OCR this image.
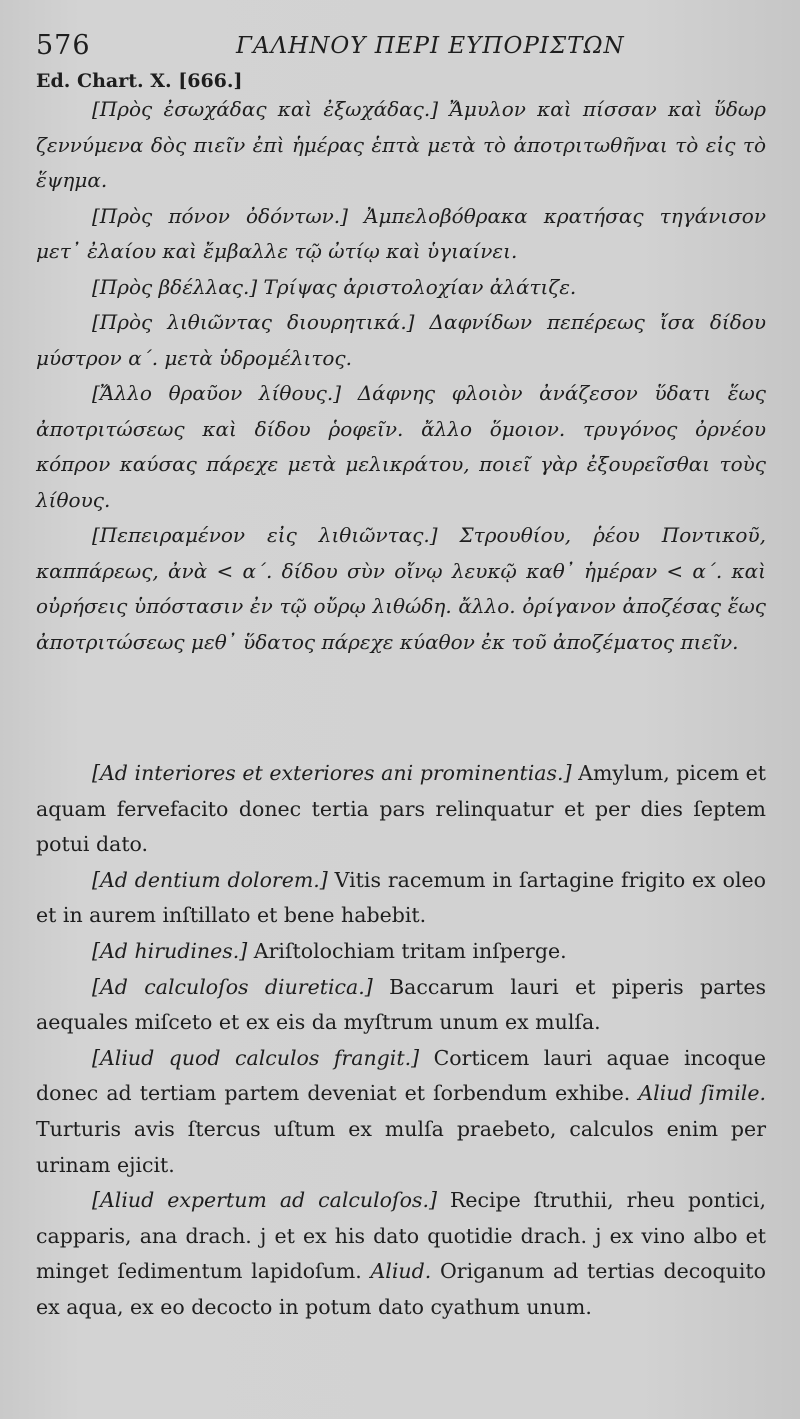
576	ΓΑΛΗΝΟΥ ΠΕΡΙ ΕΥΠΟΡΙΣΤΩΝ
Ed. Chart. X. [666.]

[Πρὸς ἐσωχάδας καὶ ἐξωχάδας.] Ἄμυλον καὶ πίσσαν καὶ ὕδωρ ζεννύμενα δὸς πιεῖν ἐπὶ ἡμέρας ἑπτὰ μετὰ τὸ ἀποτριτωθῆναι τὸ εἰς τὸ ἕψημα.

[Πρὸς πόνον ὀδόντων.] Ἀμπελοβόθρακα κρατήσας τηγάνισον μετ᾽ ἐλαίου καὶ ἔμβαλλε τῷ ὠτίῳ καὶ ὑγιαίνει.

[Πρὸς βδέλλας.] Τρίψας ἀριστολοχίαν ἀλάτιζε.

[Πρὸς λιθιῶντας διουρητικά.] Δαφνίδων πεπέρεως ἴσα δίδου μύστρον α΄. μετὰ ὑδρομέλιτος.

[Ἄλλο θραῦον λίθους.] Δάφνης φλοιὸν ἀνάζεσον ὕδατι ἕως ἀποτριτώσεως καὶ δίδου ῥοφεῖν. ἄλλο ὅμοιον. τρυγόνος ὀρνέου κόπρον καύσας πάρεχε μετὰ μελικράτου, ποιεῖ γὰρ ἐξουρεῖσθαι τοὺς λίθους.

[Πεπειραμένον εἰς λιθιῶντας.] Στρουθίου, ῥέου Ποντικοῦ, καππάρεως, ἀνὰ < α΄. δίδου σὺν οἴνῳ λευκῷ καθ᾽ ἡμέραν < α΄. καὶ οὐρήσεις ὑπόστασιν ἐν τῷ οὔρῳ λιθώδη. ἄλλο. ὀρίγανον ἀποζέσας ἕως ἀποτριτώσεως μεθ᾽ ὕδατος πάρεχε κύαθον ἐκ τοῦ ἀποζέματος πιεῖν.

[Ad interiores et exteriores ani prominentias.] Amylum, picem et aquam fervefacito donec tertia pars relinquatur et per dies ſeptem potui dato.

[Ad dentium dolorem.] Vitis racemum in ſartagine frigito ex oleo et in aurem inſtillato et bene habebit.

[Ad hirudines.] Ariſtolochiam tritam inſperge.

[Ad calculoſos diuretica.] Baccarum lauri et piperis partes aequales miſceto et ex eis da myſtrum unum ex mulſa.

[Aliud quod calculos frangit.] Corticem lauri aquae incoque donec ad tertiam partem deveniat et ſorbendum exhibe. Aliud ſimile. Turturis avis ſtercus uſtum ex mulſa praebeto, calculos enim per urinam ejicit.

[Aliud expertum ad calculoſos.] Recipe ſtruthii, rheu pontici, capparis, ana drach. j et ex his dato quotidie drach. j ex vino albo et minget ſedimentum lapidoſum. Aliud. Origanum ad tertias decoquito ex aqua, ex eo decocto in potum dato cyathum unum.
